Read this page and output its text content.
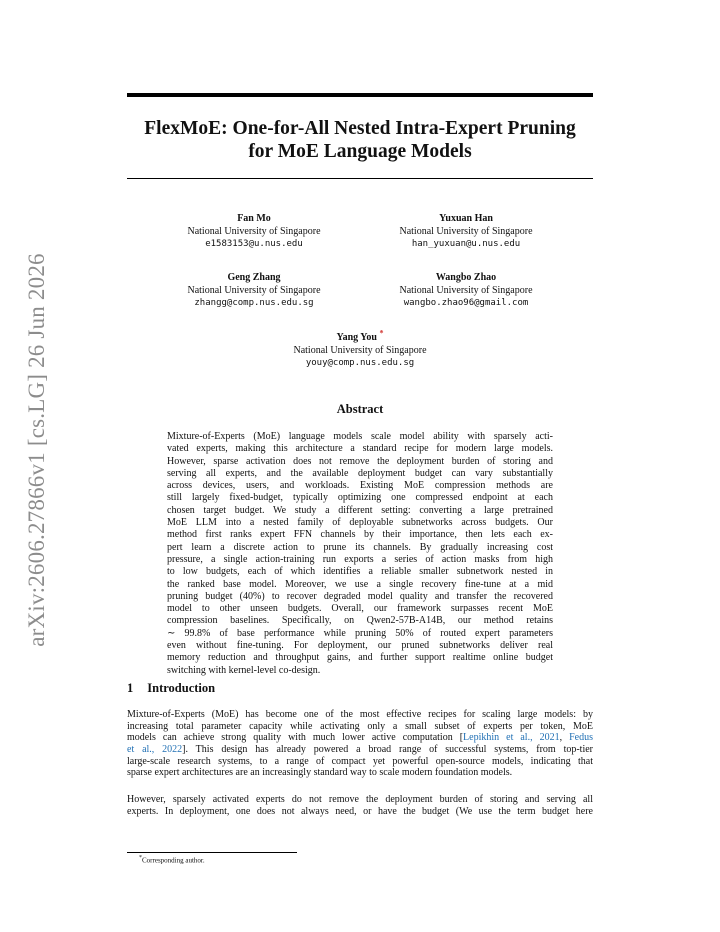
arXiv:2606.27866v1 [cs.LG] 26 Jun 2026
FlexMoE: One-for-All Nested Intra-Expert Pruning
for MoE Language Models
Fan Mo
National University of Singapore
e1583153@u.nus.edu
Yuxuan Han
National University of Singapore
han_yuxuan@u.nus.edu
Geng Zhang
National University of Singapore
zhangg@comp.nus.edu.sg
Wangbo Zhao
National University of Singapore
wangbo.zhao96@gmail.com
Yang You *
National University of Singapore
youy@comp.nus.edu.sg
Abstract
Mixture-of-Experts (MoE) language models scale model ability with sparsely acti-
vated experts, making this architecture a standard recipe for modern large models.
However, sparse activation does not remove the deployment burden of storing and
serving all experts, and the available deployment budget can vary substantially
across devices, users, and workloads. Existing MoE compression methods are
still largely fixed-budget, typically optimizing one compressed endpoint at each
chosen target budget. We study a different setting: converting a large pretrained
MoE LLM into a nested family of deployable subnetworks across budgets. Our
method first ranks expert FFN channels by their importance, then lets each ex-
pert learn a discrete action to prune its channels. By gradually increasing cost
pressure, a single action-training run exports a series of action masks from high
to low budgets, each of which identifies a reliable smaller subnetwork nested in
the ranked base model. Moreover, we use a single recovery fine-tune at a mid
pruning budget (40%) to recover degraded model quality and transfer the recovered
model to other unseen budgets. Overall, our framework surpasses recent MoE
compression baselines. Specifically, on Qwen2-57B-A14B, our method retains
∼ 99.8% of base performance while pruning 50% of routed expert parameters
even without fine-tuning. For deployment, our pruned subnetworks deliver real
memory reduction and throughput gains, and further support realtime online budget
switching with kernel-level co-design.
1 Introduction
Mixture-of-Experts (MoE) has become one of the most effective recipes for scaling large models: by
increasing total parameter capacity while activating only a small subset of experts per token, MoE
models can achieve strong quality with much lower active computation [Lepikhin et al., 2021, Fedus
et al., 2022]. This design has already powered a broad range of successful systems, from top-tier
large-scale research systems, to a range of compact yet powerful open-source models, indicating that
sparse expert architectures are an increasingly standard way to scale modern foundation models.
However, sparsely activated experts do not remove the deployment burden of storing and serving all
experts. In deployment, one does not always need, or have the budget (We use the term budget here
*Corresponding author.
